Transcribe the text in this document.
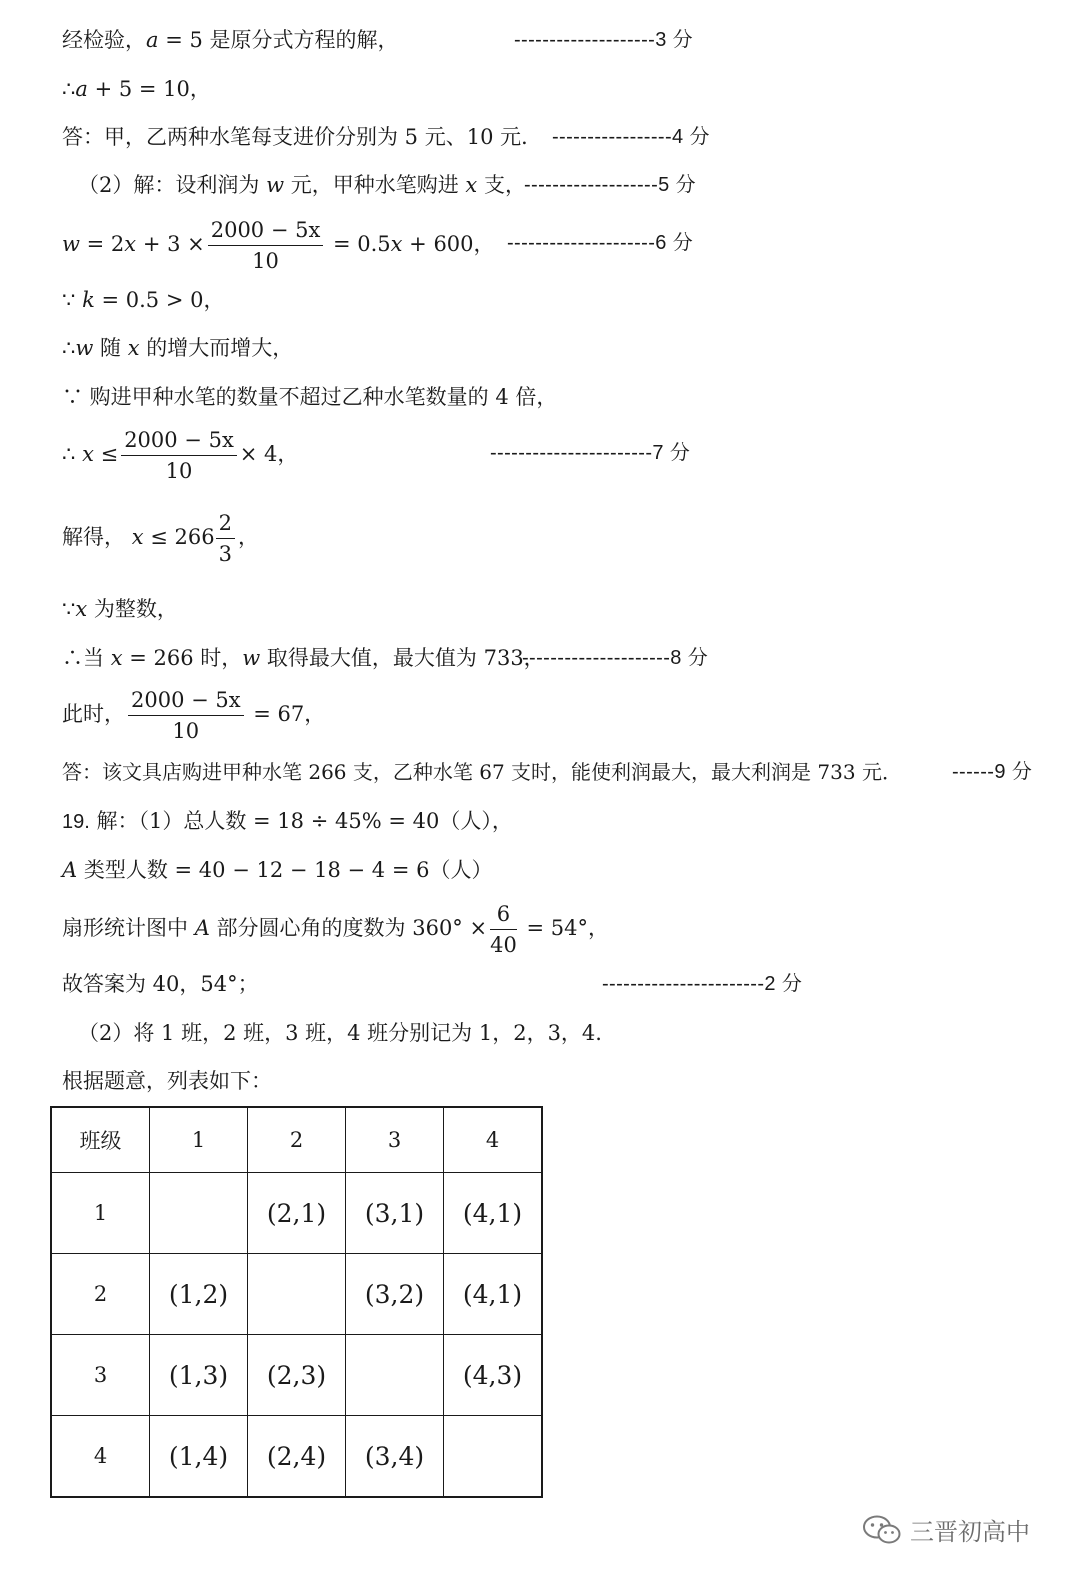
经检验，a = 5 是原分式方程的解，	--------------------3 分
∴a + 5 = 10，
答：甲，乙两种水笔每支进价分别为 5 元、10 元． -----------------4 分
（2）解：设利润为 w 元，甲种水笔购进 x 支，
-------------------5 分
$w = 2x + 3 \times \frac{2000 - 5x}{10} = 0.5x + 600$， ---------------------6 分
∵ k = 0.5 > 0，
∴w 随 x 的增大而增大，
∵ 购进甲种水笔的数量不超过乙种水笔数量的 4 倍，
∴ $x \le \frac{2000 - 5x}{10} \times 4$，	-----------------------7 分
解得， $x \le 266 \frac{2}{3}$ ，
∵x 为整数，
∴当 x = 266 时，w 取得最大值，最大值为 733，
---------------------8 分
此时， $\frac{2000 - 5x}{10} = 67$，
答：该文具店购进甲种水笔 266 支，乙种水笔 67 支时，能使利润最大，最大利润是 733 元．	------9 分
19. 解：（1）总人数 = 18 ÷ 45% = 40（人），
A 类型人数 = 40 − 12 − 18 − 4 = 6（人）
扇形统计图中 A 部分圆心角的度数为 $360^\circ \times \frac{6}{40} = 54^\circ$，
故答案为 40，54°；	-----------------------2 分
（2）将 1 班，2 班，3 班，4 班分别记为 1，2，3，4.
根据题意，列表如下：
班级	1	2	3	4
1		(2,1)	(3,1)	(4,1)
2	(1,2)		(3,2)	(4,1)
3	(1,3)	(2,3)		(4,3)
4	(1,4)	(2,4)	(3,4)	
三晋初高中
